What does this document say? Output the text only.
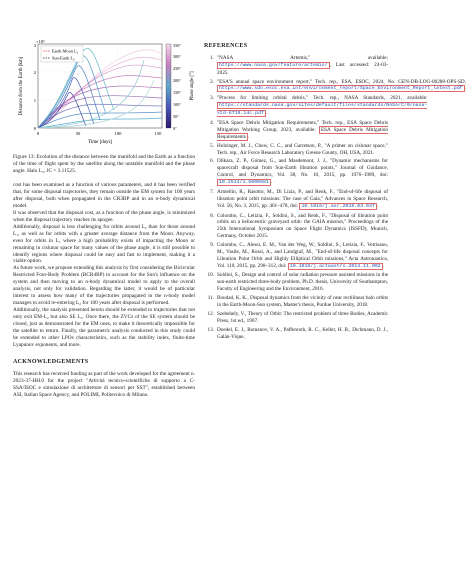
×10⁶
Earth-Moon L₂
Sun-Earth L₂
0
1
2
3
0	50	100	150
Time [days]
Distance from the Earth [km]
0°
50°
100°
150°
200°
250°
300°
350°
Phase angle [°]

Figure 13: Evolution of the distance between the manifold and the Earth as a function of the time of flight spent by the satellite along the unstable manifold and the phase angle. Halo L₂, JC = 3.11525.

cost has been examined as a function of various parameters, and it has been verified that, for some disposal trajectories, they remain outside the EM system for 100 years after disposal, both when propagated in the CR3BP and in an n-body dynamical model.

It was observed that the disposal cost, as a function of the phase angle, is minimized when the disposal trajectory reaches its apogee.

Additionally, disposal is less challenging for orbits around L₂ than for those around L₁, as well as for orbits with a greater average distance from the Moon. Anyway, even for orbits in L₁ where a high probability exists of impacting the Moon or remaining in cislunar space for many values of the phase angle, it is still possible to identify regions where disposal could be easy and fast to implement, making it a viable option.

As future work, we propose extending this analysis by first considering the Bicircular Restricted Four-Body Problem (BCR4BP) to account for the Sun's influence on the system and then moving to an n-body dynamical model to apply to the overall analysis, not only for validation. Regarding the latter, it would be of particular interest to assess how many of the trajectories propagated in the n-body model manages to avoid re-entering L₂ for 100 years after disposal is performed.

Additionally, the analysis presented herein should be extended to trajectories that not only exit EM-L₂ but also SE L₂. Once there, the ZVCs of the SE system should be closed, just as demonstrated for the EM ones, to make it theoretically impossible for the satellite to return. Finally, the parametric analysis conducted in this study could be extended to other LPOs characteristics, such as the stability index, finite-time Lyapunov exponents, and more.

ACKNOWLEDGEMENTS

This research has received funding as part of the work developed for the agreement n. 2023-37-HH.0 for the project "Attività tecnico-scientifiche di supporto a C-SSA/ISOC e simulazione di architetture di sensori per SST", established between ASI, Italian Space Agency, and POLIMI, Politecnico di Milano.

REFERENCES
1. "NASA Artemis," available: https://www.nasa.gov/feature/artemis/ , Last accessed: 24-03-2025.
2. "ESA'S annual space environment report," Tech. rep., ESA, ESOC, 2024, No. GEN-DB-LOG-00288-OPS-SD, https://www.sdo.esoc.esa.int/environment_report/Space_Environment_Report_latest.pdf .
3. "Process for limiting orbital debris," Tech. rep., NASA Standards, 2021, available: https://standards.nasa.gov/sites/default/files/standards/NASA/C/0/nasa-std-8719.14c.pdf .
4. "ESA Space Debris Mitigation Requirements," Tech. rep., ESA Space Debris Mitigation Working Group, 2023, available: ESA Space Debris Mitigation Requirements .
5. Holzinger, M. J., Chow, C. C., and Garretson, P., "A primer on cislunar space," Tech. rep., Air Force Research Laboratory Greene County, OH, USA, 2021.
6. Olikara, Z. P., Gómez, G., and Masdemont, J. J., "Dynamic mechanisms for spacecraft disposal from Sun-Earth libration points," Journal of Guidance, Control, and Dynamics, Vol. 38, No. 10, 2015, pp. 1976–1989, doi: 10.2514/1.G000581 .
7. Armellin, R., Rasotto, M., Di Lizia, P., and Renk, F., "End-of-life disposal of libration point orbit missions: The case of Gaia," Advances in Space Research, Vol. 56, No. 3, 2015, pp. 461–478, doi: 10.1016/j.asr.2015.03.037 .
8. Colombo, C., Letizia, F., Soldini, S., and Renk, F., "Disposal of libration point orbits on a heliocentric graveyard orbit: the GAIA mission," Proceedings of the 25th International Symposium on Space Flight Dynamics (ISSFD), Munich, Germany, October 2015.
9. Colombo, C., Alessi, E. M., Van der Weg, W., Soldini, S., Letizia, F., Vetrisano, M., Vasile, M., Rossi, A., and Landgraf, M., "End-of-life disposal concepts for Libration Point Orbit and Highly Elliptical Orbit missions," Acta Astronautica, Vol. 110, 2015, pp. 298–312, doi: 10.1016/j.actaastro.2014.11.002 .
10. Soldini, S., Design and control of solar radiation pressure assisted missions in the sun-earth restricted three-body problem, Ph.D. thesis, University of Southampton, Faculty of Engineering and the Environment, 2016.
11. Boudad, K. K., Disposal dynamics from the vicinity of near rectilinear halo orbits in the Earth-Moon-Sun system, Master's thesis, Purdue University, 2018.
12. Szebehely, V., Theory of Orbit: The restricted problem of three Bodies, Academic Press, 1st ed., 1967.
13. Doedel, E. J., Romanov, V. A., Paffenroth, R. C., Keller, H. B., Dichmann, D. J., Galán-Vique,
